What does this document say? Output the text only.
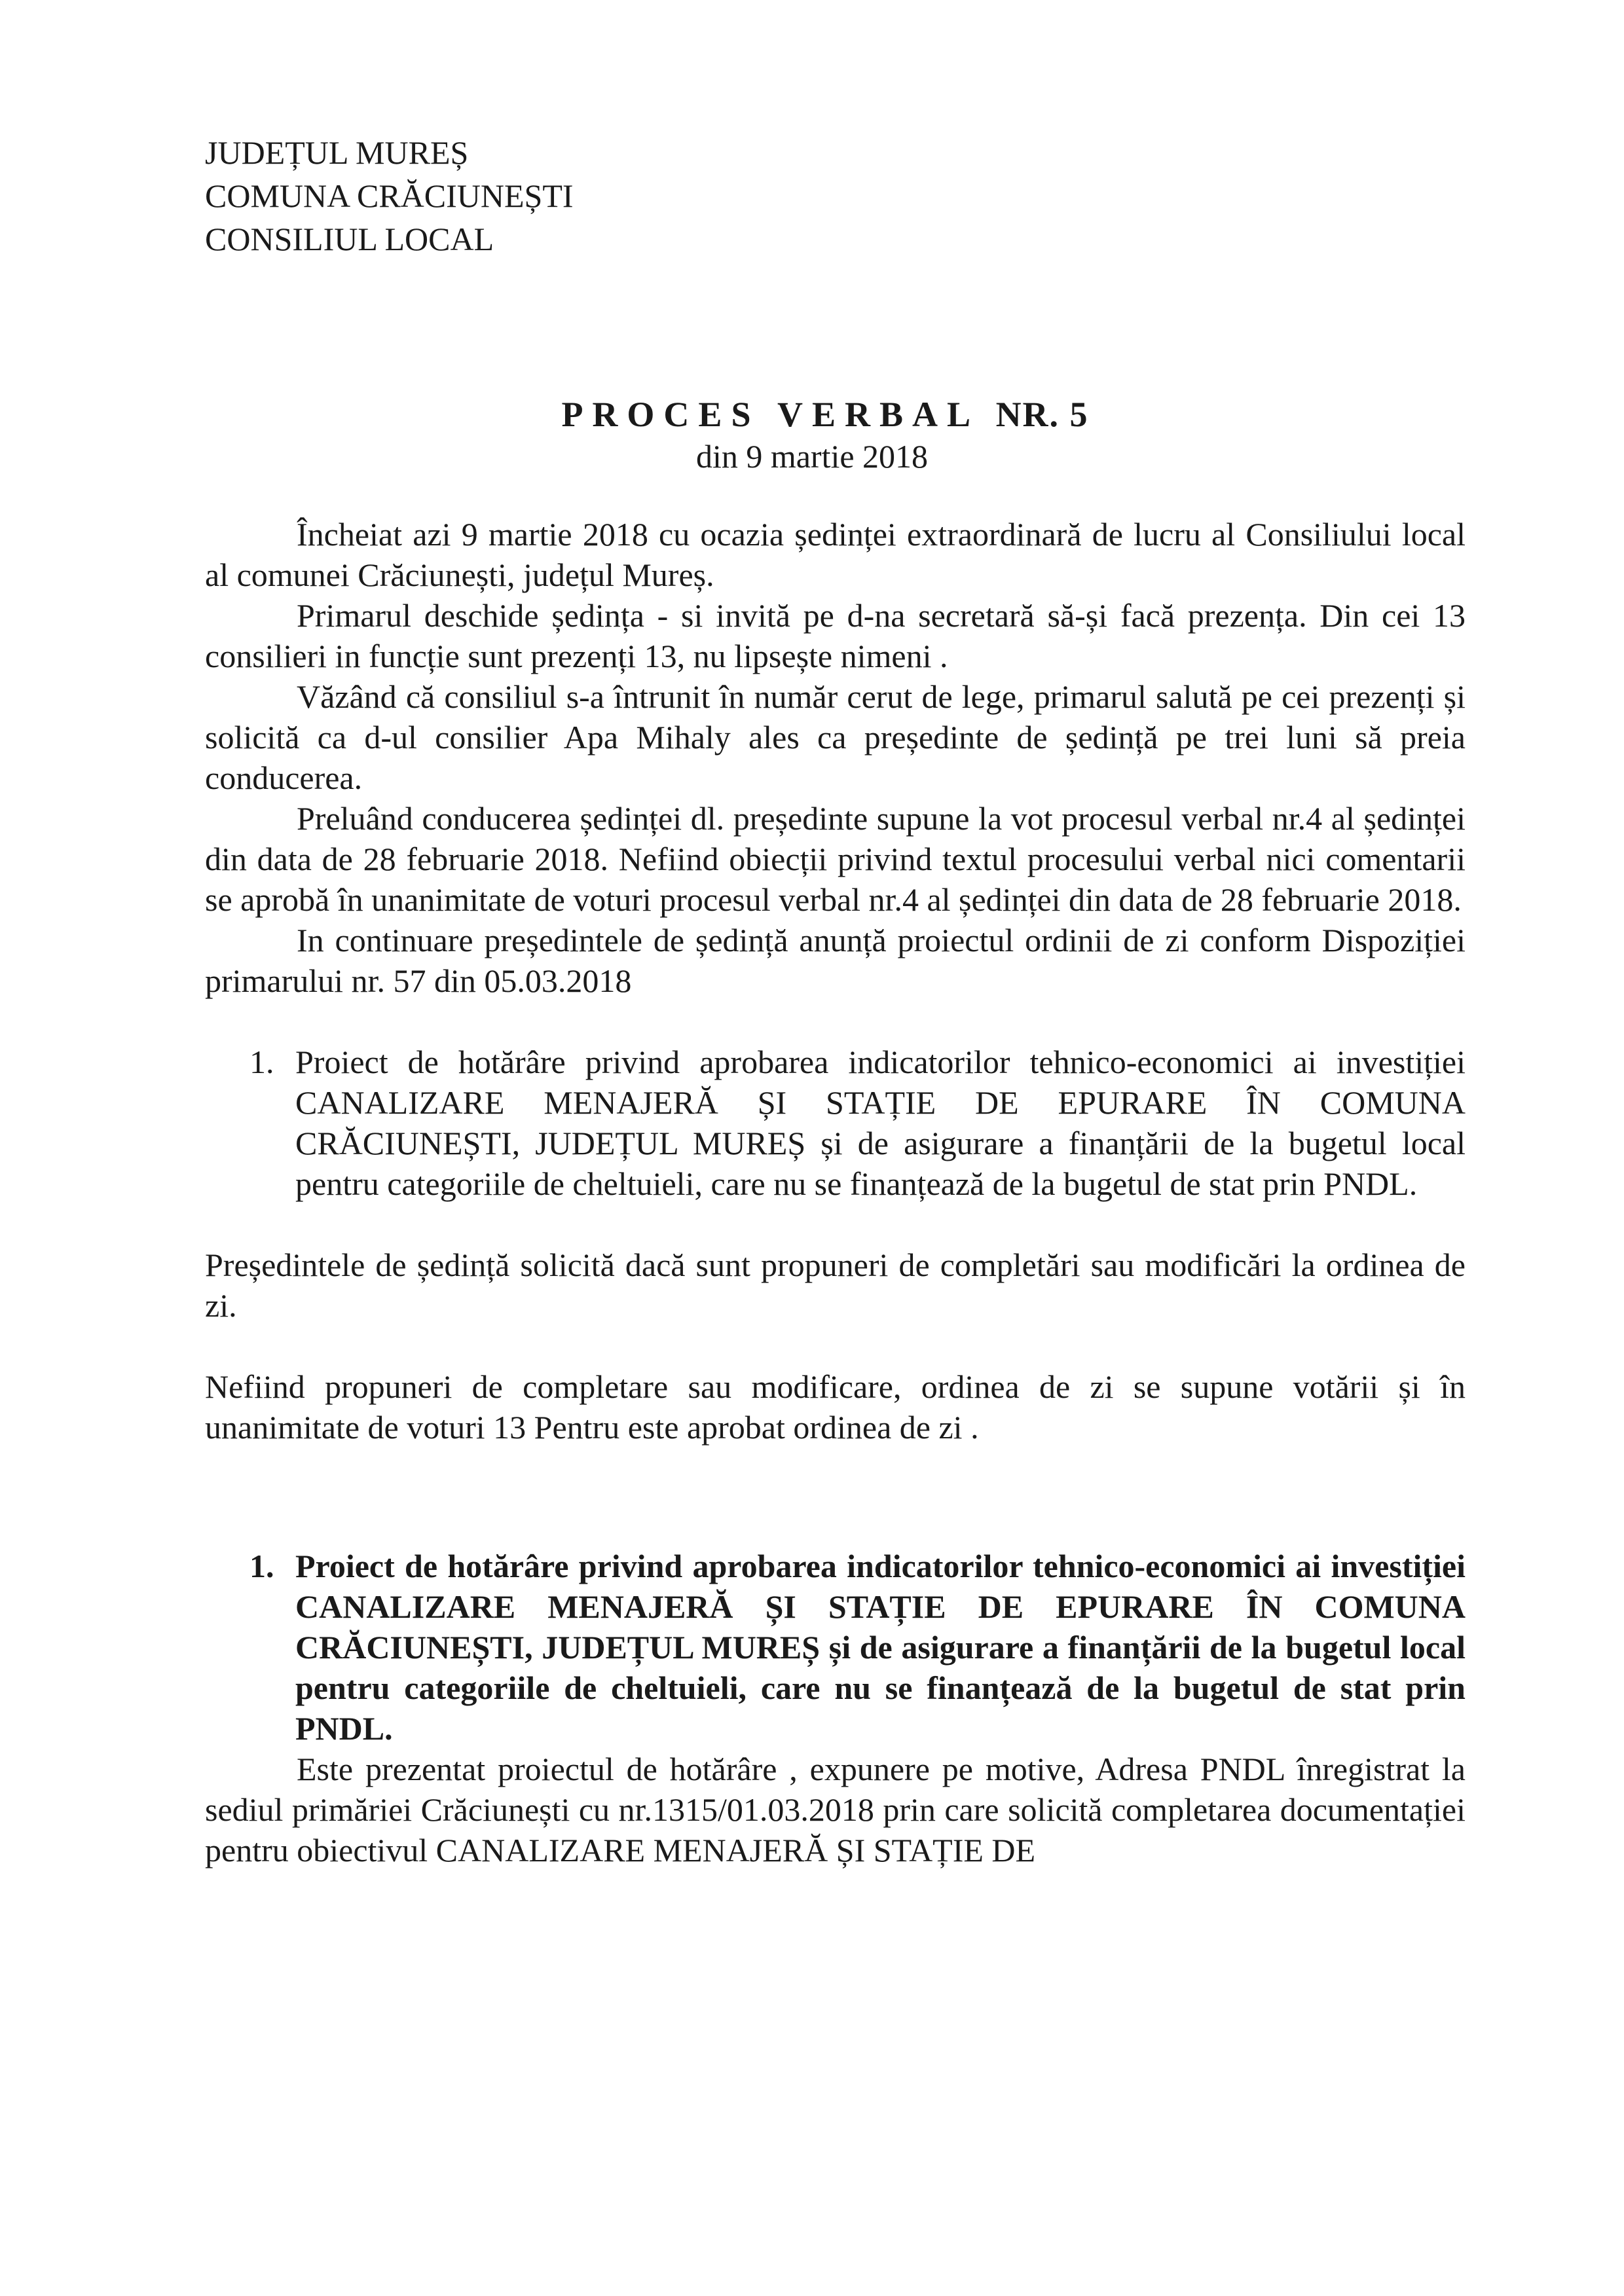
JUDEȚUL MUREȘ
COMUNA CRĂCIUNEȘTI
CONSILIUL LOCAL
PROCES VERBAL NR. 5
din 9 martie 2018

Încheiat azi 9 martie 2018 cu ocazia ședinței extraordinară de lucru al Consiliului local al comunei Crăciunești, județul Mureș.

Primarul deschide ședința - si invită pe d-na secretară să-și facă prezența. Din cei 13 consilieri in funcție sunt prezenți 13, nu lipsește nimeni .

Văzând că consiliul s-a întrunit în număr cerut de lege, primarul salută pe cei prezenți și solicită ca d-ul consilier Apa Mihaly ales ca președinte de ședință pe trei luni să preia conducerea.

Preluând conducerea ședinței dl. președinte supune la vot procesul verbal nr.4 al ședinței din data de 28 februarie 2018. Nefiind obiecții privind textul procesului verbal nici comentarii se aprobă în unanimitate de voturi procesul verbal nr.4 al ședinței din data de 28 februarie 2018.

In continuare președintele de ședință anunță proiectul ordinii de zi conform Dispoziției primarului nr. 57 din 05.03.2018

1. Proiect de hotărâre privind aprobarea indicatorilor tehnico-economici ai investiției CANALIZARE MENAJERĂ ȘI STAȚIE DE EPURARE ÎN COMUNA CRĂCIUNEȘTI, JUDEȚUL MUREȘ și de asigurare a finanțării de la bugetul local pentru categoriile de cheltuieli, care nu se finanțează de la bugetul de stat prin PNDL.

Președintele de ședință solicită dacă sunt propuneri de completări sau modificări la ordinea de zi.

Nefiind propuneri de completare sau modificare, ordinea de zi se supune votării și în unanimitate de voturi 13 Pentru este aprobat ordinea de zi .

1. Proiect de hotărâre privind aprobarea indicatorilor tehnico-economici ai investiției CANALIZARE MENAJERĂ ȘI STAȚIE DE EPURARE ÎN COMUNA CRĂCIUNEȘTI, JUDEȚUL MUREȘ și de asigurare a finanțării de la bugetul local pentru categoriile de cheltuieli, care nu se finanțează de la bugetul de stat prin PNDL.

Este prezentat proiectul de hotărâre , expunere pe motive, Adresa PNDL înregistrat la sediul primăriei Crăciunești cu nr.1315/01.03.2018 prin care solicită completarea documentației pentru obiectivul CANALIZARE MENAJERĂ ȘI STAȚIE DE
